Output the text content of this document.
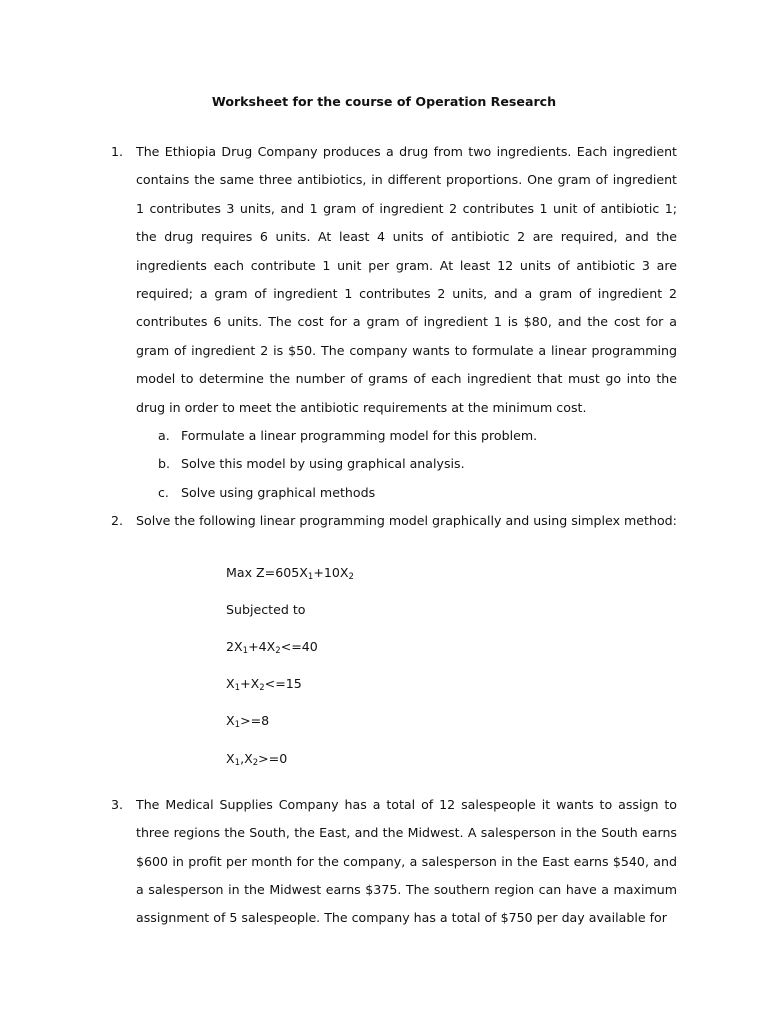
Worksheet for the course of Operation Research
1. The Ethiopia Drug Company produces a drug from two ingredients. Each ingredient contains the same three antibiotics, in different proportions. One gram of ingredient 1 contributes 3 units, and 1 gram of ingredient 2 contributes 1 unit of antibiotic 1; the drug requires 6 units. At least 4 units of antibiotic 2 are required, and the ingredients each contribute 1 unit per gram. At least 12 units of antibiotic 3 are required; a gram of ingredient 1 contributes 2 units, and a gram of ingredient 2 contributes 6 units. The cost for a gram of ingredient 1 is $80, and the cost for a gram of ingredient 2 is $50. The company wants to formulate a linear programming model to determine the number of grams of each ingredient that must go into the drug in order to meet the antibiotic requirements at the minimum cost.

a. Formulate a linear programming model for this problem.
b. Solve this model by using graphical analysis.
c. Solve using graphical methods
2. Solve the following linear programming model graphically and using simplex method:

Max $Z=605X_1+10X_2$
Subjected to
$2X_1+4X_2<=40$
$X_1+X_2<=15$
$X_1>=8$
$X_1,X_2>=0$
3. The Medical Supplies Company has a total of 12 salespeople it wants to assign to three regions the South, the East, and the Midwest. A salesperson in the South earns $600 in profit per month for the company, a salesperson in the East earns $540, and a salesperson in the Midwest earns $375. The southern region can have a maximum assignment of 5 salespeople. The company has a total of $750 per day available for
